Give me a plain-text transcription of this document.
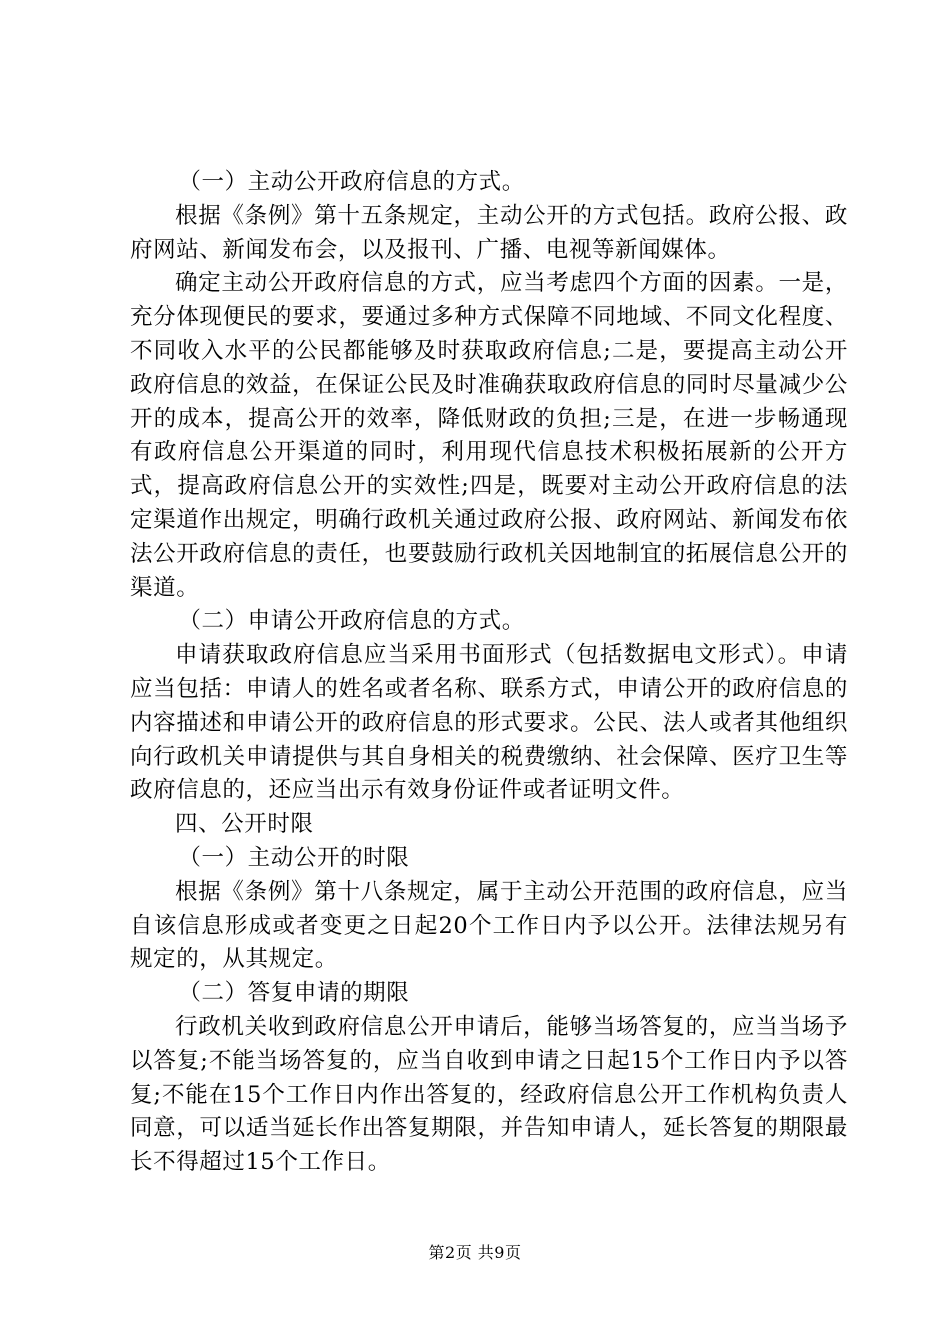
（一）主动公开政府信息的方式。

根据《条例》第十五条规定，主动公开的方式包括。政府公报、政府网站、新闻发布会，以及报刊、广播、电视等新闻媒体。

确定主动公开政府信息的方式，应当考虑四个方面的因素。一是，充分体现便民的要求，要通过多种方式保障不同地域、不同文化程度、不同收入水平的公民都能够及时获取政府信息;二是，要提高主动公开政府信息的效益，在保证公民及时准确获取政府信息的同时尽量减少公开的成本，提高公开的效率，降低财政的负担;三是，在进一步畅通现有政府信息公开渠道的同时，利用现代信息技术积极拓展新的公开方式，提高政府信息公开的实效性;四是，既要对主动公开政府信息的法定渠道作出规定，明确行政机关通过政府公报、政府网站、新闻发布依法公开政府信息的责任，也要鼓励行政机关因地制宜的拓展信息公开的渠道。

（二）申请公开政府信息的方式。

申请获取政府信息应当采用书面形式（包括数据电文形式）。申请应当包括：申请人的姓名或者名称、联系方式，申请公开的政府信息的内容描述和申请公开的政府信息的形式要求。公民、法人或者其他组织向行政机关申请提供与其自身相关的税费缴纳、社会保障、医疗卫生等政府信息的，还应当出示有效身份证件或者证明文件。

四、公开时限

（一）主动公开的时限

根据《条例》第十八条规定，属于主动公开范围的政府信息，应当自该信息形成或者变更之日起20个工作日内予以公开。法律法规另有规定的，从其规定。

（二）答复申请的期限

行政机关收到政府信息公开申请后，能够当场答复的，应当当场予以答复;不能当场答复的，应当自收到申请之日起15个工作日内予以答复;不能在15个工作日内作出答复的，经政府信息公开工作机构负责人同意，可以适当延长作出答复期限，并告知申请人，延长答复的期限最长不得超过15个工作日。

第2页 共9页
